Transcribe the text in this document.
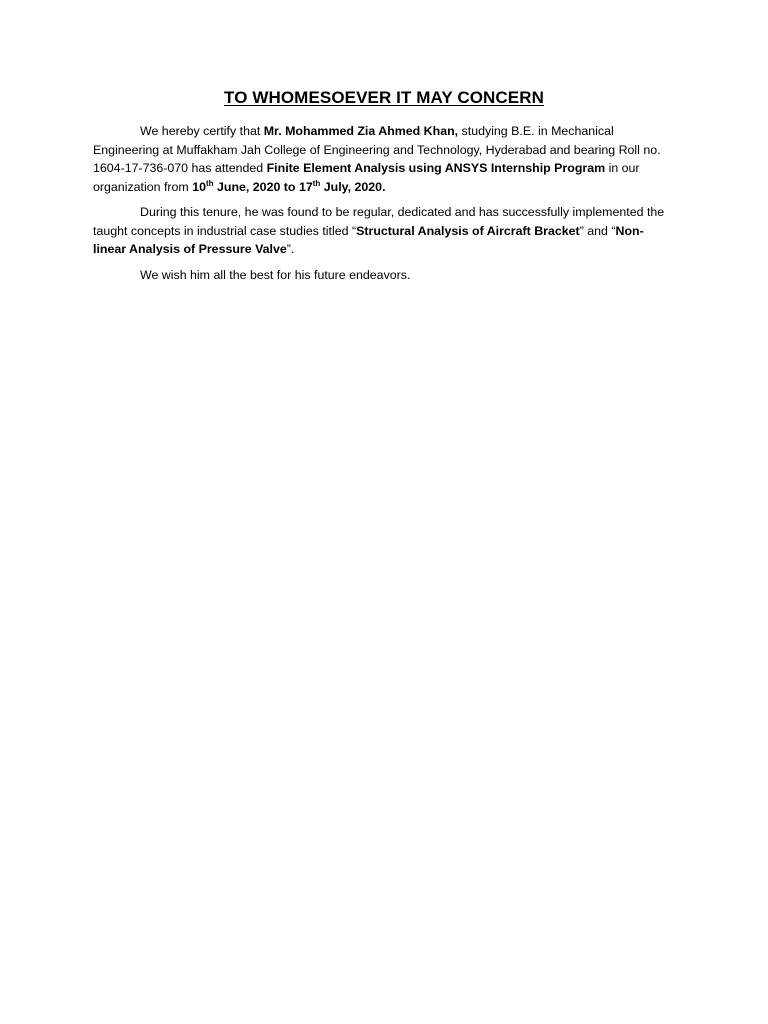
TO WHOMESOEVER IT MAY CONCERN
We hereby certify that Mr. Mohammed Zia Ahmed Khan, studying B.E. in Mechanical Engineering at Muffakham Jah College of Engineering and Technology, Hyderabad and bearing Roll no. 1604-17-736-070 has attended Finite Element Analysis using ANSYS Internship Program in our organization from 10th June, 2020 to 17th July, 2020.
During this tenure, he was found to be regular, dedicated and has successfully implemented the taught concepts in industrial case studies titled “Structural Analysis of Aircraft Bracket” and “Non-linear Analysis of Pressure Valve”.
We wish him all the best for his future endeavors.
